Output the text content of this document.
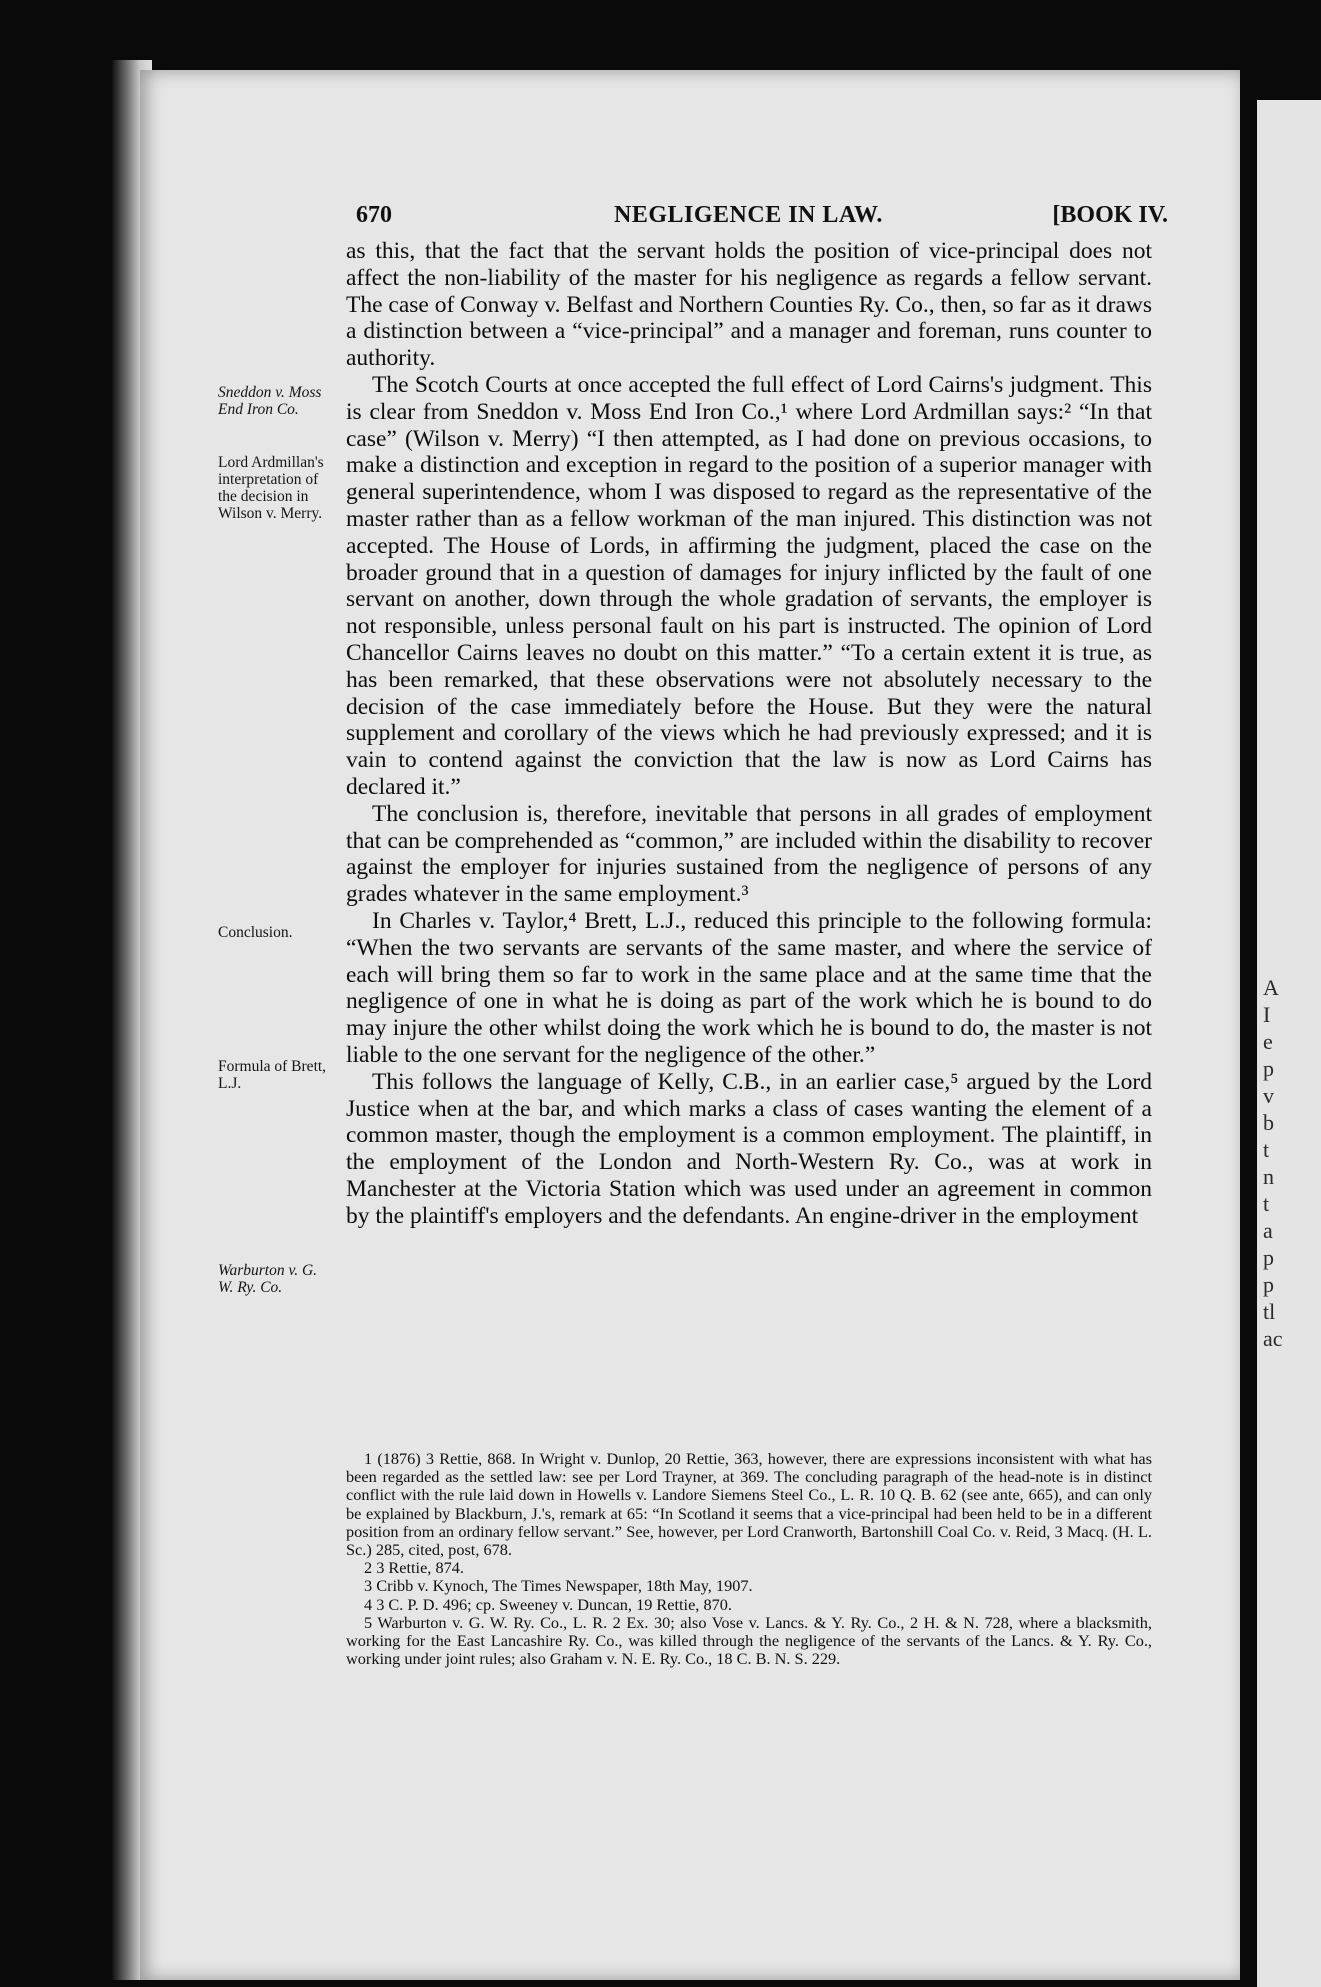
A
I
e
p
v
b
t
n
t
a
p
p
tl
ac
670	NEGLIGENCE IN LAW.	[BOOK IV.
Sneddon v. Moss End Iron Co.
Lord Ardmillan's interpretation of the decision in Wilson v. Merry.
Conclusion.
Formula of Brett, L.J.
Warburton v. G. W. Ry. Co.

as this, that the fact that the servant holds the position of vice-principal does not affect the non-liability of the master for his negligence as regards a fellow servant. The case of Conway v. Belfast and Northern Counties Ry. Co., then, so far as it draws a distinction between a “vice-principal” and a manager and foreman, runs counter to authority.

The Scotch Courts at once accepted the full effect of Lord Cairns's judgment. This is clear from Sneddon v. Moss End Iron Co.,¹ where Lord Ardmillan says:² “In that case” (Wilson v. Merry) “I then attempted, as I had done on previous occasions, to make a distinction and exception in regard to the position of a superior manager with general superintendence, whom I was disposed to regard as the representative of the master rather than as a fellow workman of the man injured. This distinction was not accepted. The House of Lords, in affirming the judgment, placed the case on the broader ground that in a question of damages for injury inflicted by the fault of one servant on another, down through the whole gradation of servants, the employer is not responsible, unless personal fault on his part is instructed. The opinion of Lord Chancellor Cairns leaves no doubt on this matter.” “To a certain extent it is true, as has been remarked, that these observations were not absolutely necessary to the decision of the case immediately before the House. But they were the natural supplement and corollary of the views which he had previously expressed; and it is vain to contend against the conviction that the law is now as Lord Cairns has declared it.”

The conclusion is, therefore, inevitable that persons in all grades of employment that can be comprehended as “common,” are included within the disability to recover against the employer for injuries sustained from the negligence of persons of any grades whatever in the same employment.³

In Charles v. Taylor,⁴ Brett, L.J., reduced this principle to the following formula: “When the two servants are servants of the same master, and where the service of each will bring them so far to work in the same place and at the same time that the negligence of one in what he is doing as part of the work which he is bound to do may injure the other whilst doing the work which he is bound to do, the master is not liable to the one servant for the negligence of the other.”

This follows the language of Kelly, C.B., in an earlier case,⁵ argued by the Lord Justice when at the bar, and which marks a class of cases wanting the element of a common master, though the employment is a common employment. The plaintiff, in the employment of the London and North-Western Ry. Co., was at work in Manchester at the Victoria Station which was used under an agreement in common by the plaintiff's employers and the defendants. An engine-driver in the employment

1 (1876) 3 Rettie, 868. In Wright v. Dunlop, 20 Rettie, 363, however, there are expressions inconsistent with what has been regarded as the settled law: see per Lord Trayner, at 369. The concluding paragraph of the head-note is in distinct conflict with the rule laid down in Howells v. Landore Siemens Steel Co., L. R. 10 Q. B. 62 (see ante, 665), and can only be explained by Blackburn, J.'s, remark at 65: “In Scotland it seems that a vice-principal had been held to be in a different position from an ordinary fellow servant.” See, however, per Lord Cranworth, Bartonshill Coal Co. v. Reid, 3 Macq. (H. L. Sc.) 285, cited, post, 678.

2 3 Rettie, 874.

3 Cribb v. Kynoch, The Times Newspaper, 18th May, 1907.

4 3 C. P. D. 496; cp. Sweeney v. Duncan, 19 Rettie, 870.

5 Warburton v. G. W. Ry. Co., L. R. 2 Ex. 30; also Vose v. Lancs. & Y. Ry. Co., 2 H. & N. 728, where a blacksmith, working for the East Lancashire Ry. Co., was killed through the negligence of the servants of the Lancs. & Y. Ry. Co., working under joint rules; also Graham v. N. E. Ry. Co., 18 C. B. N. S. 229.
